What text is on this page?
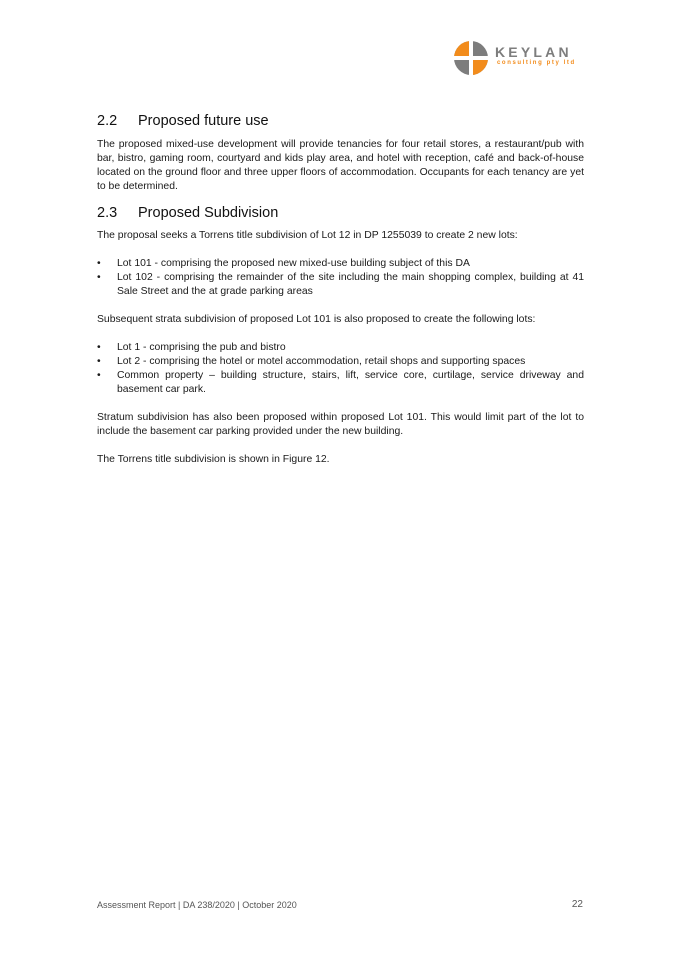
KEYLAN
consulting pty ltd
2.2	Proposed future use

The proposed mixed-use development will provide tenancies for four retail stores, a restaurant/pub with bar, bistro, gaming room, courtyard and kids play area, and hotel with reception, café and back-of-house located on the ground floor and three upper floors of accommodation. Occupants for each tenancy are yet to be determined.

2.3	Proposed Subdivision

The proposal seeks a Torrens title subdivision of Lot 12 in DP 1255039 to create 2 new lots:

• Lot 101 - comprising the proposed new mixed-use building subject of this DA
• Lot 102 - comprising the remainder of the site including the main shopping complex, building at 41 Sale Street and the at grade parking areas

Subsequent strata subdivision of proposed Lot 101 is also proposed to create the following lots:

• Lot 1 - comprising the pub and bistro
• Lot 2 - comprising the hotel or motel accommodation, retail shops and supporting spaces
• Common property – building structure, stairs, lift, service core, curtilage, service driveway and basement car park.

Stratum subdivision has also been proposed within proposed Lot 101. This would limit part of the lot to include the basement car parking provided under the new building.

The Torrens title subdivision is shown in Figure 12.

Assessment Report | DA 238/2020 | October 2020	22
